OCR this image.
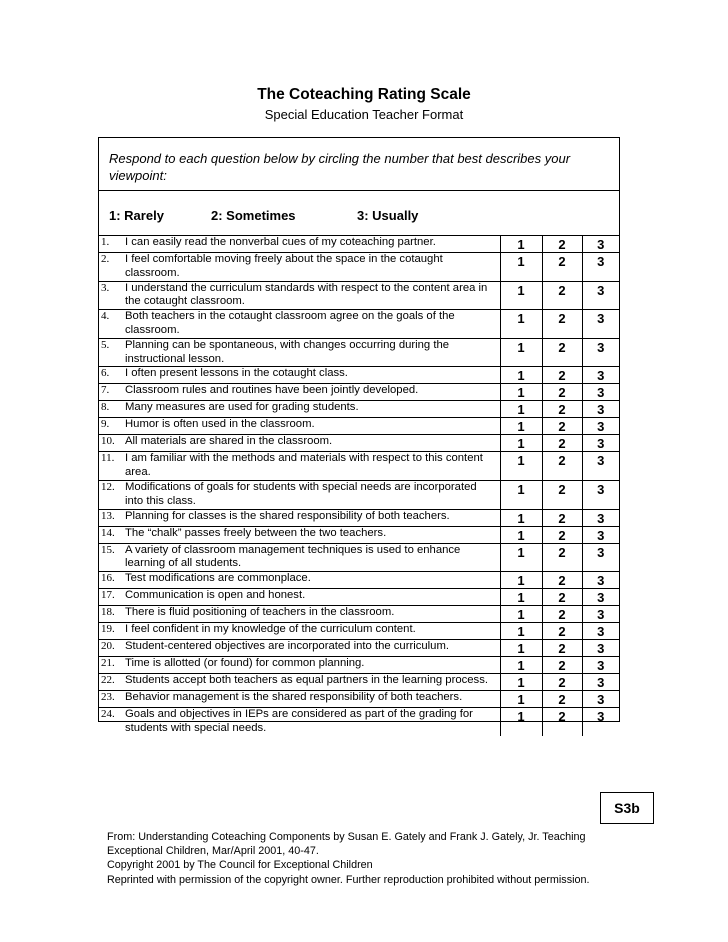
The Coteaching Rating Scale
Special Education Teacher Format
Respond to each question below by circling the number that best describes your viewpoint:
1: Rarely	2: Sometimes	3: Usually
1. I can easily read the nonverbal cues of my coteaching partner.	1	2	3
2. I feel comfortable moving freely about the space in the cotaught classroom.	1	2	3
3. I understand the curriculum standards with respect to the content area in the cotaught classroom.	1	2	3
4. Both teachers in the cotaught classroom agree on the goals of the classroom.	1	2	3
5. Planning can be spontaneous, with changes occurring during the instructional lesson.	1	2	3
6. I often present lessons in the cotaught class.	1	2	3
7. Classroom rules and routines have been jointly developed.	1	2	3
8. Many measures are used for grading students.	1	2	3
9. Humor is often used in the classroom.	1	2	3
10. All materials are shared in the classroom.	1	2	3
11. I am familiar with the methods and materials with respect to this content area.	1	2	3
12. Modifications of goals for students with special needs are incorporated into this class.	1	2	3
13. Planning for classes is the shared responsibility of both teachers.	1	2	3
14. The “chalk” passes freely between the two teachers.	1	2	3
15. A variety of classroom management techniques is used to enhance learning of all students.	1	2	3
16. Test modifications are commonplace.	1	2	3
17. Communication is open and honest.	1	2	3
18. There is fluid positioning of teachers in the classroom.	1	2	3
19. I feel confident in my knowledge of the curriculum content.	1	2	3
20. Student-centered objectives are incorporated into the curriculum.	1	2	3
21. Time is allotted (or found) for common planning.	1	2	3
22. Students accept both teachers as equal partners in the learning process.	1	2	3
23. Behavior management is the shared responsibility of both teachers.	1	2	3
24. Goals and objectives in IEPs are considered as part of the grading for students with special needs.	1	2	3
S3b
From: Understanding Coteaching Components by Susan E. Gately and Frank J. Gately, Jr. Teaching
Exceptional Children, Mar/April 2001, 40-47.
Copyright 2001 by The Council for Exceptional Children
Reprinted with permission of the copyright owner. Further reproduction prohibited without permission.
